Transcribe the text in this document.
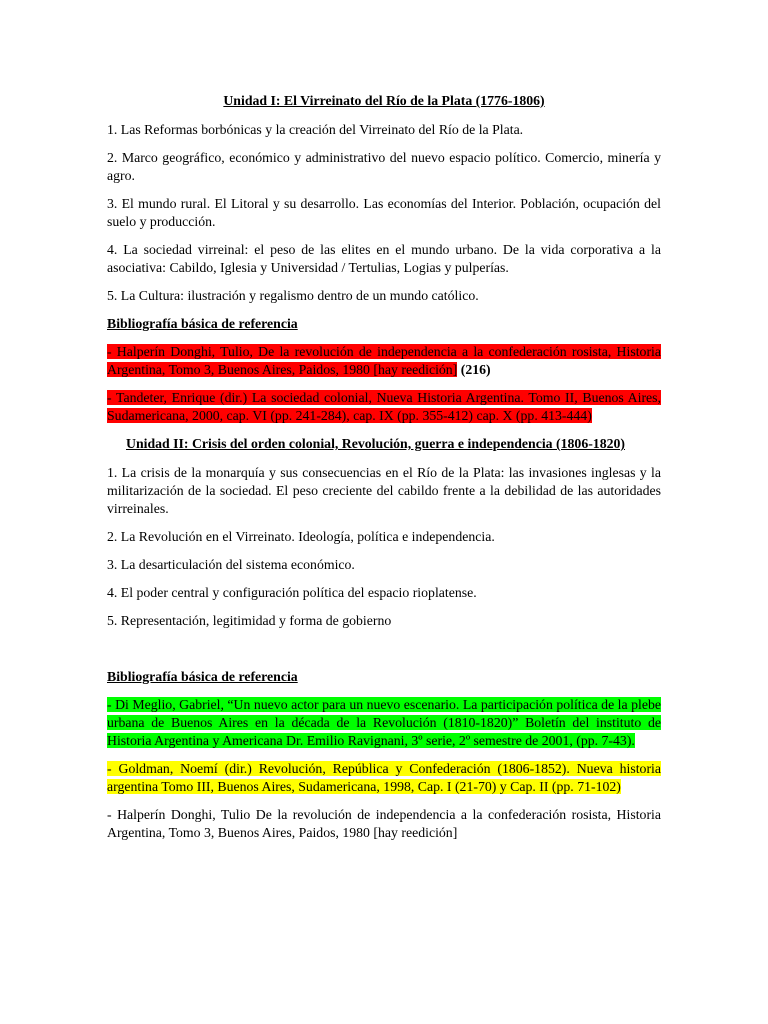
Unidad I: El Virreinato del Río de la Plata (1776-1806)

1. Las Reformas borbónicas y la creación del Virreinato del Río de la Plata.

2. Marco geográfico, económico y administrativo del nuevo espacio político. Comercio, minería y agro.

3. El mundo rural. El Litoral y su desarrollo. Las economías del Interior. Población, ocupación del suelo y producción.

4. La sociedad virreinal: el peso de las elites en el mundo urbano. De la vida corporativa a la asociativa: Cabildo, Iglesia y Universidad / Tertulias, Logias y pulperías.

5. La Cultura: ilustración y regalismo dentro de un mundo católico.

Bibliografía básica de referencia

- Halperín Donghi, Tulio, De la revolución de independencia a la confederación rosista, Historia Argentina, Tomo 3, Buenos Aires, Paidos, 1980 [hay reedición] (216)

- Tandeter, Enrique (dir.) La sociedad colonial, Nueva Historia Argentina. Tomo II, Buenos Aires, Sudamericana, 2000, cap. VI (pp. 241-284), cap. IX (pp. 355-412) cap. X (pp. 413-444)

Unidad II: Crisis del orden colonial, Revolución, guerra e independencia (1806-1820)

1. La crisis de la monarquía y sus consecuencias en el Río de la Plata: las invasiones inglesas y la militarización de la sociedad. El peso creciente del cabildo frente a la debilidad de las autoridades virreinales.

2. La Revolución en el Virreinato. Ideología, política e independencia.

3. La desarticulación del sistema económico.

4. El poder central y configuración política del espacio rioplatense.

5. Representación, legitimidad y forma de gobierno

Bibliografía básica de referencia

- Di Meglio, Gabriel, “Un nuevo actor para un nuevo escenario. La participación política de la plebe urbana de Buenos Aires en la década de la Revolución (1810-1820)” Boletín del instituto de Historia Argentina y Americana Dr. Emilio Ravignani, 3º serie, 2º semestre de 2001, (pp. 7-43).

- Goldman, Noemí (dir.) Revolución, República y Confederación (1806-1852). Nueva historia argentina Tomo III, Buenos Aires, Sudamericana, 1998, Cap. I (21-70) y Cap. II (pp. 71-102)

- Halperín Donghi, Tulio De la revolución de independencia a la confederación rosista, Historia Argentina, Tomo 3, Buenos Aires, Paidos, 1980 [hay reedición]
